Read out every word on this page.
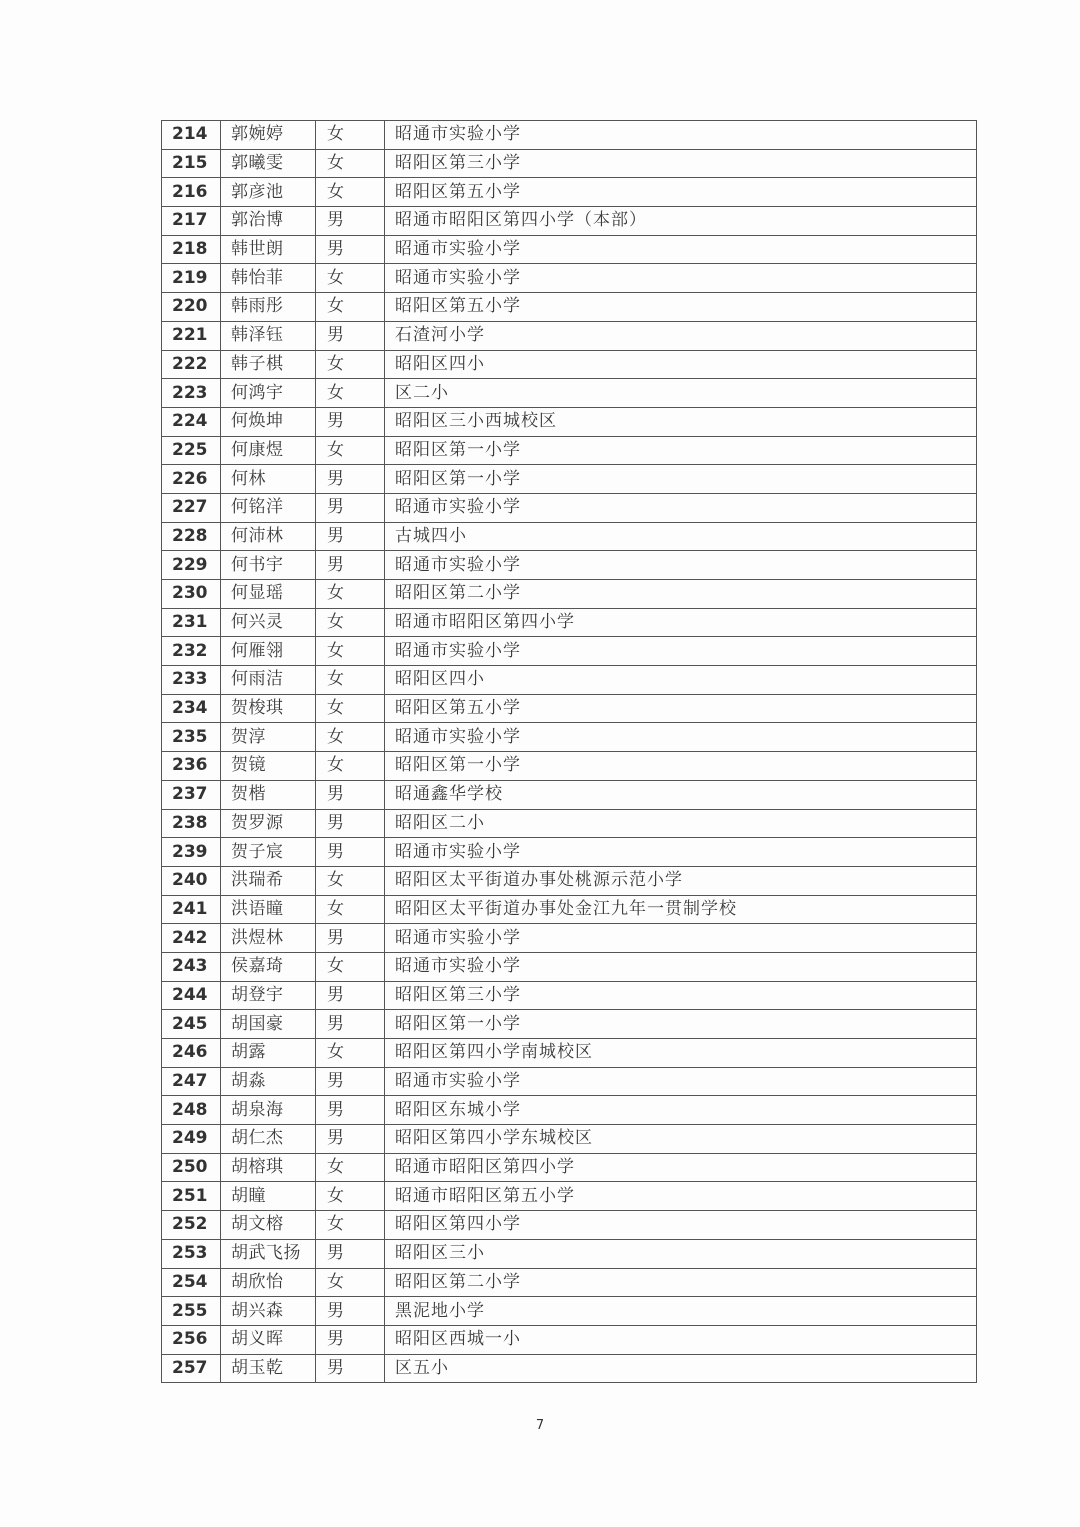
214	郭婉婷	女	昭通市实验小学
215	郭曦雯	女	昭阳区第三小学
216	郭彦池	女	昭阳区第五小学
217	郭治博	男	昭通市昭阳区第四小学（本部）
218	韩世朗	男	昭通市实验小学
219	韩怡菲	女	昭通市实验小学
220	韩雨彤	女	昭阳区第五小学
221	韩泽钰	男	石渣河小学
222	韩子棋	女	昭阳区四小
223	何鸿宇	女	区二小
224	何焕坤	男	昭阳区三小西城校区
225	何康煜	女	昭阳区第一小学
226	何林	男	昭阳区第一小学
227	何铭洋	男	昭通市实验小学
228	何沛林	男	古城四小
229	何书宇	男	昭通市实验小学
230	何显瑶	女	昭阳区第二小学
231	何兴灵	女	昭通市昭阳区第四小学
232	何雁翎	女	昭通市实验小学
233	何雨洁	女	昭阳区四小
234	贺梭琪	女	昭阳区第五小学
235	贺淳	女	昭通市实验小学
236	贺镜	女	昭阳区第一小学
237	贺楷	男	昭通鑫华学校
238	贺罗源	男	昭阳区二小
239	贺子宸	男	昭通市实验小学
240	洪瑞希	女	昭阳区太平街道办事处桃源示范小学
241	洪语瞳	女	昭阳区太平街道办事处金江九年一贯制学校
242	洪煜林	男	昭通市实验小学
243	侯嘉琦	女	昭通市实验小学
244	胡登宇	男	昭阳区第三小学
245	胡国豪	男	昭阳区第一小学
246	胡露	女	昭阳区第四小学南城校区
247	胡淼	男	昭通市实验小学
248	胡泉海	男	昭阳区东城小学
249	胡仁杰	男	昭阳区第四小学东城校区
250	胡榕琪	女	昭通市昭阳区第四小学
251	胡瞳	女	昭通市昭阳区第五小学
252	胡文榕	女	昭阳区第四小学
253	胡武飞扬	男	昭阳区三小
254	胡欣怡	女	昭阳区第二小学
255	胡兴森	男	黑泥地小学
256	胡义晖	男	昭阳区西城一小
257	胡玉乾	男	区五小
7
